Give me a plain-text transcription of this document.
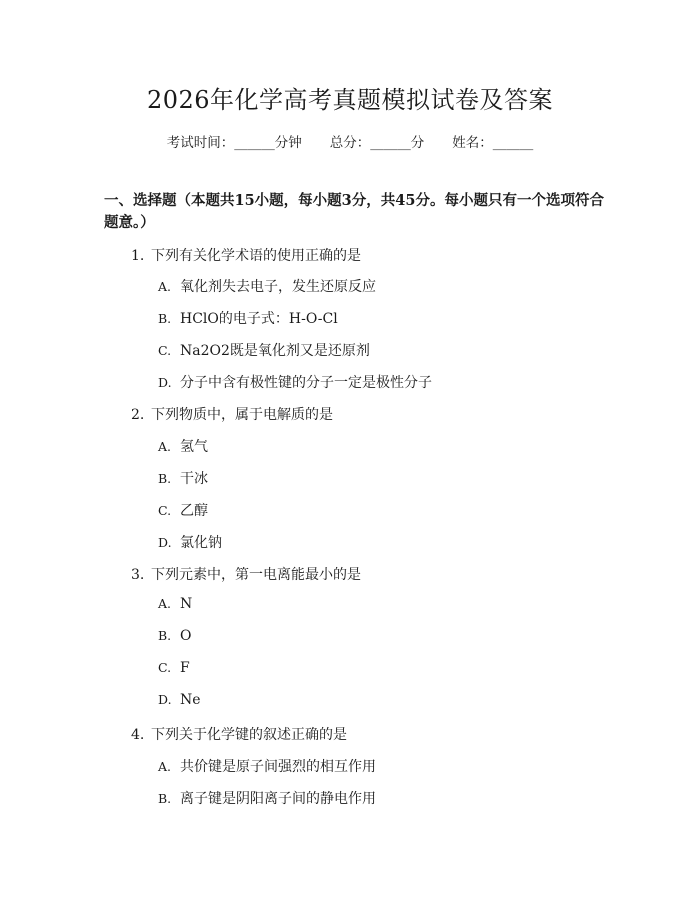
2026年化学高考真题模拟试卷及答案
考试时间：______分钟 总分：______分 姓名：______
一、选择题（本题共15小题，每小题3分，共45分。每小题只有一个选项符合题意。）
1. 下列有关化学术语的使用正确的是
A. 氧化剂失去电子，发生还原反应
B. HClO的电子式：H-O-Cl
C. Na2O2既是氧化剂又是还原剂
D. 分子中含有极性键的分子一定是极性分子
2. 下列物质中，属于电解质的是
A. 氢气
B. 干冰
C. 乙醇
D. 氯化钠
3. 下列元素中，第一电离能最小的是
A. N
B. O
C. F
D. Ne
4. 下列关于化学键的叙述正确的是
A. 共价键是原子间强烈的相互作用
B. 离子键是阴阳离子间的静电作用
